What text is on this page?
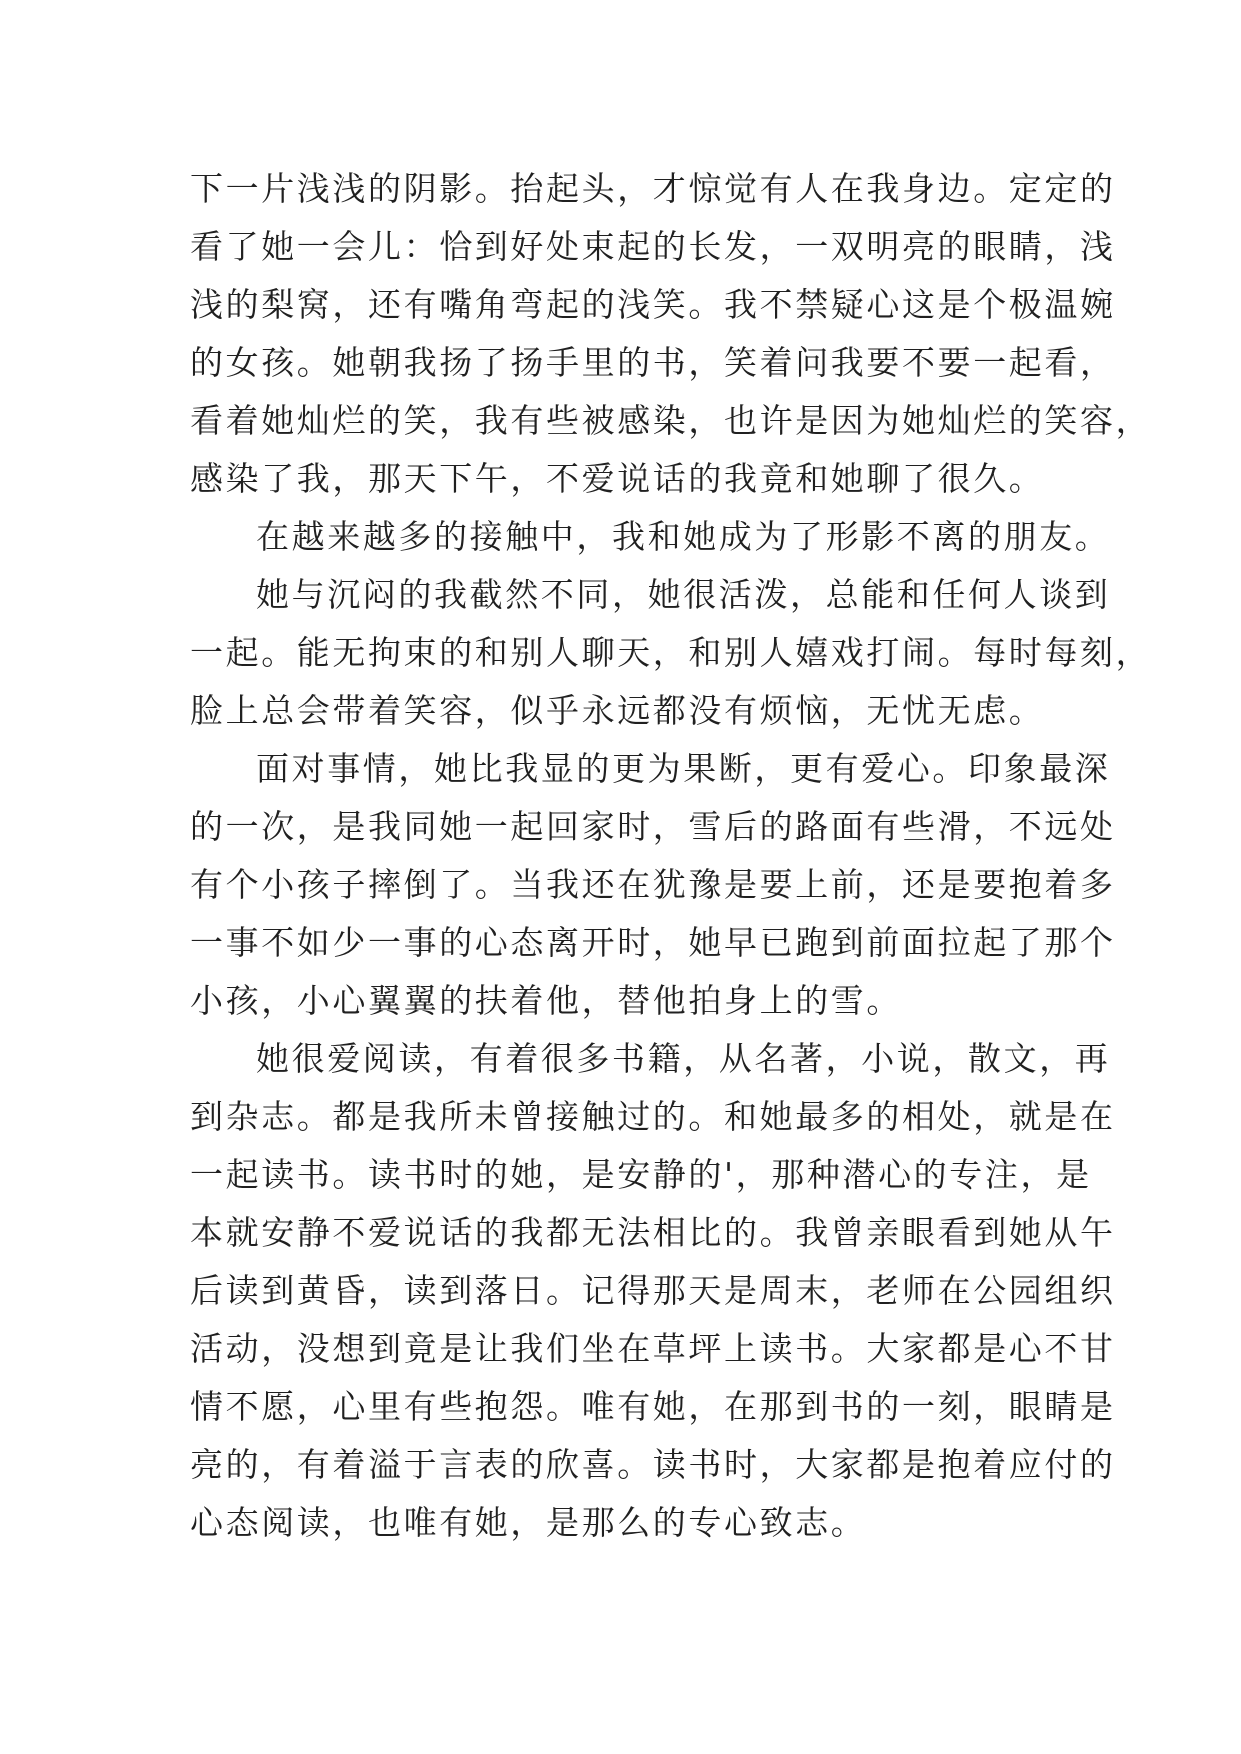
下一片浅浅的阴影。抬起头，才惊觉有人在我身边。定定的
看了她一会儿：恰到好处束起的长发，一双明亮的眼睛，浅
浅的梨窝，还有嘴角弯起的浅笑。我不禁疑心这是个极温婉
的女孩。她朝我扬了扬手里的书，笑着问我要不要一起看，
看着她灿烂的笑，我有些被感染，也许是因为她灿烂的笑容，
感染了我，那天下午，不爱说话的我竟和她聊了很久。
在越来越多的接触中，我和她成为了形影不离的朋友。
她与沉闷的我截然不同，她很活泼，总能和任何人谈到
一起。能无拘束的和别人聊天，和别人嬉戏打闹。每时每刻，
脸上总会带着笑容，似乎永远都没有烦恼，无忧无虑。
面对事情，她比我显的更为果断，更有爱心。印象最深
的一次，是我同她一起回家时，雪后的路面有些滑，不远处
有个小孩子摔倒了。当我还在犹豫是要上前，还是要抱着多
一事不如少一事的心态离开时，她早已跑到前面拉起了那个
小孩，小心翼翼的扶着他，替他拍身上的雪。
她很爱阅读，有着很多书籍，从名著，小说，散文，再
到杂志。都是我所未曾接触过的。和她最多的相处，就是在
一起读书。读书时的她，是安静的'，那种潜心的专注，是
本就安静不爱说话的我都无法相比的。我曾亲眼看到她从午
后读到黄昏，读到落日。记得那天是周末，老师在公园组织
活动，没想到竟是让我们坐在草坪上读书。大家都是心不甘
情不愿，心里有些抱怨。唯有她，在那到书的一刻，眼睛是
亮的，有着溢于言表的欣喜。读书时，大家都是抱着应付的
心态阅读，也唯有她，是那么的专心致志。
